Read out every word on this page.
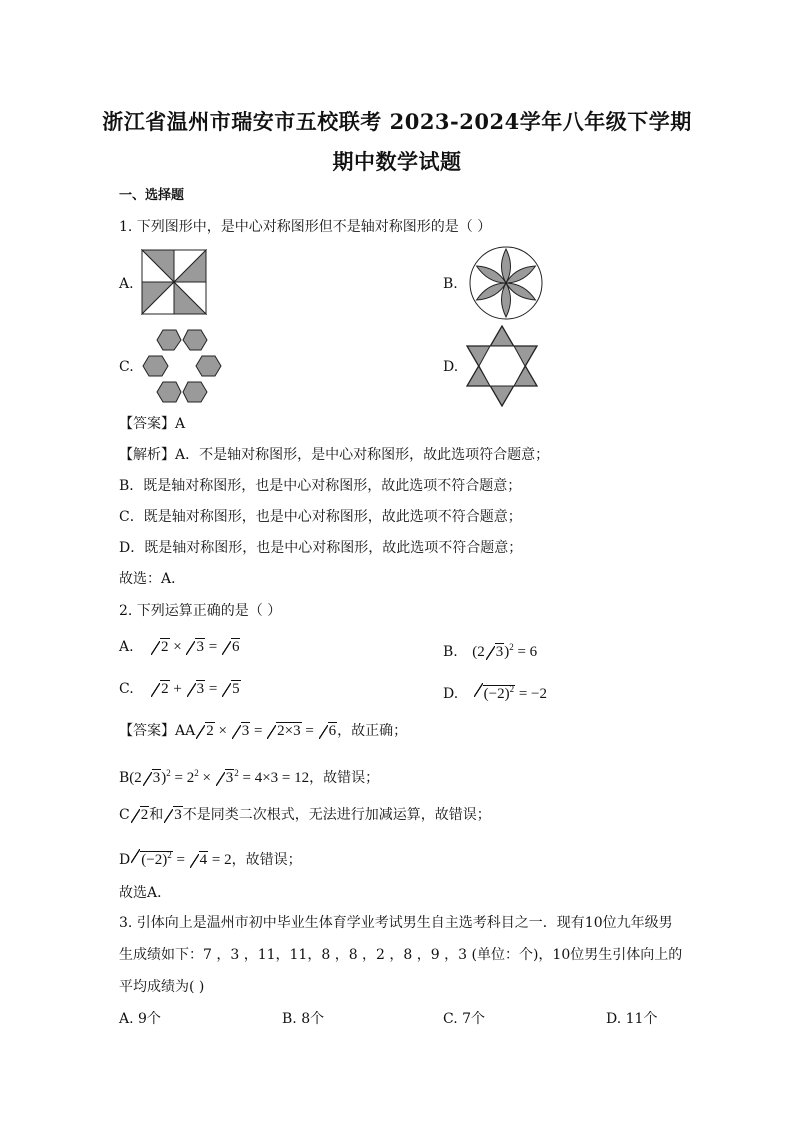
浙江省温州市瑞安市五校联考 2023-2024学年八年级下学期
期中数学试题
一、选择题
1. 下列图形中，是中心对称图形但不是轴对称图形的是（ ）
A.	B.
C.	D.
【答案】A
【解析】A．不是轴对称图形，是中心对称图形，故此选项符合题意；
B．既是轴对称图形，也是中心对称图形，故此选项不符合题意；
C．既是轴对称图形，也是中心对称图形，故此选项不符合题意；
D．既是轴对称图形，也是中心对称图形，故此选项不符合题意；
故选：A．
2. 下列运算正确的是（ ）
A. 2 × 3 = 6	B. (2 3)$^2$ = 6
C. 2 + 3 = 5	D. $(-2)^2 = -2$
【答案】AA 2 × 3 = 2×3 = 6，故正确；
B(2 $3)^2 = 2^2 \times 3^2 = 4\times 3 = 12$，故错误；
C 2和 3不是同类二次根式，无法进行加减运算，故错误；
D $(-2)^2 = 4 = 2$，故错误；
故选A．
3. 引体向上是温州市初中毕业生体育学业考试男生自主选考科目之一．现有10位九年级男
生成绩如下：7 ，3 ，11，11，8 ，8 ，2 ，8 ，9 ，3 (单位：个)，10位男生引体向上的
平均成绩为( )
A. 9个	B. 8个	C. 7个	D. 11个
